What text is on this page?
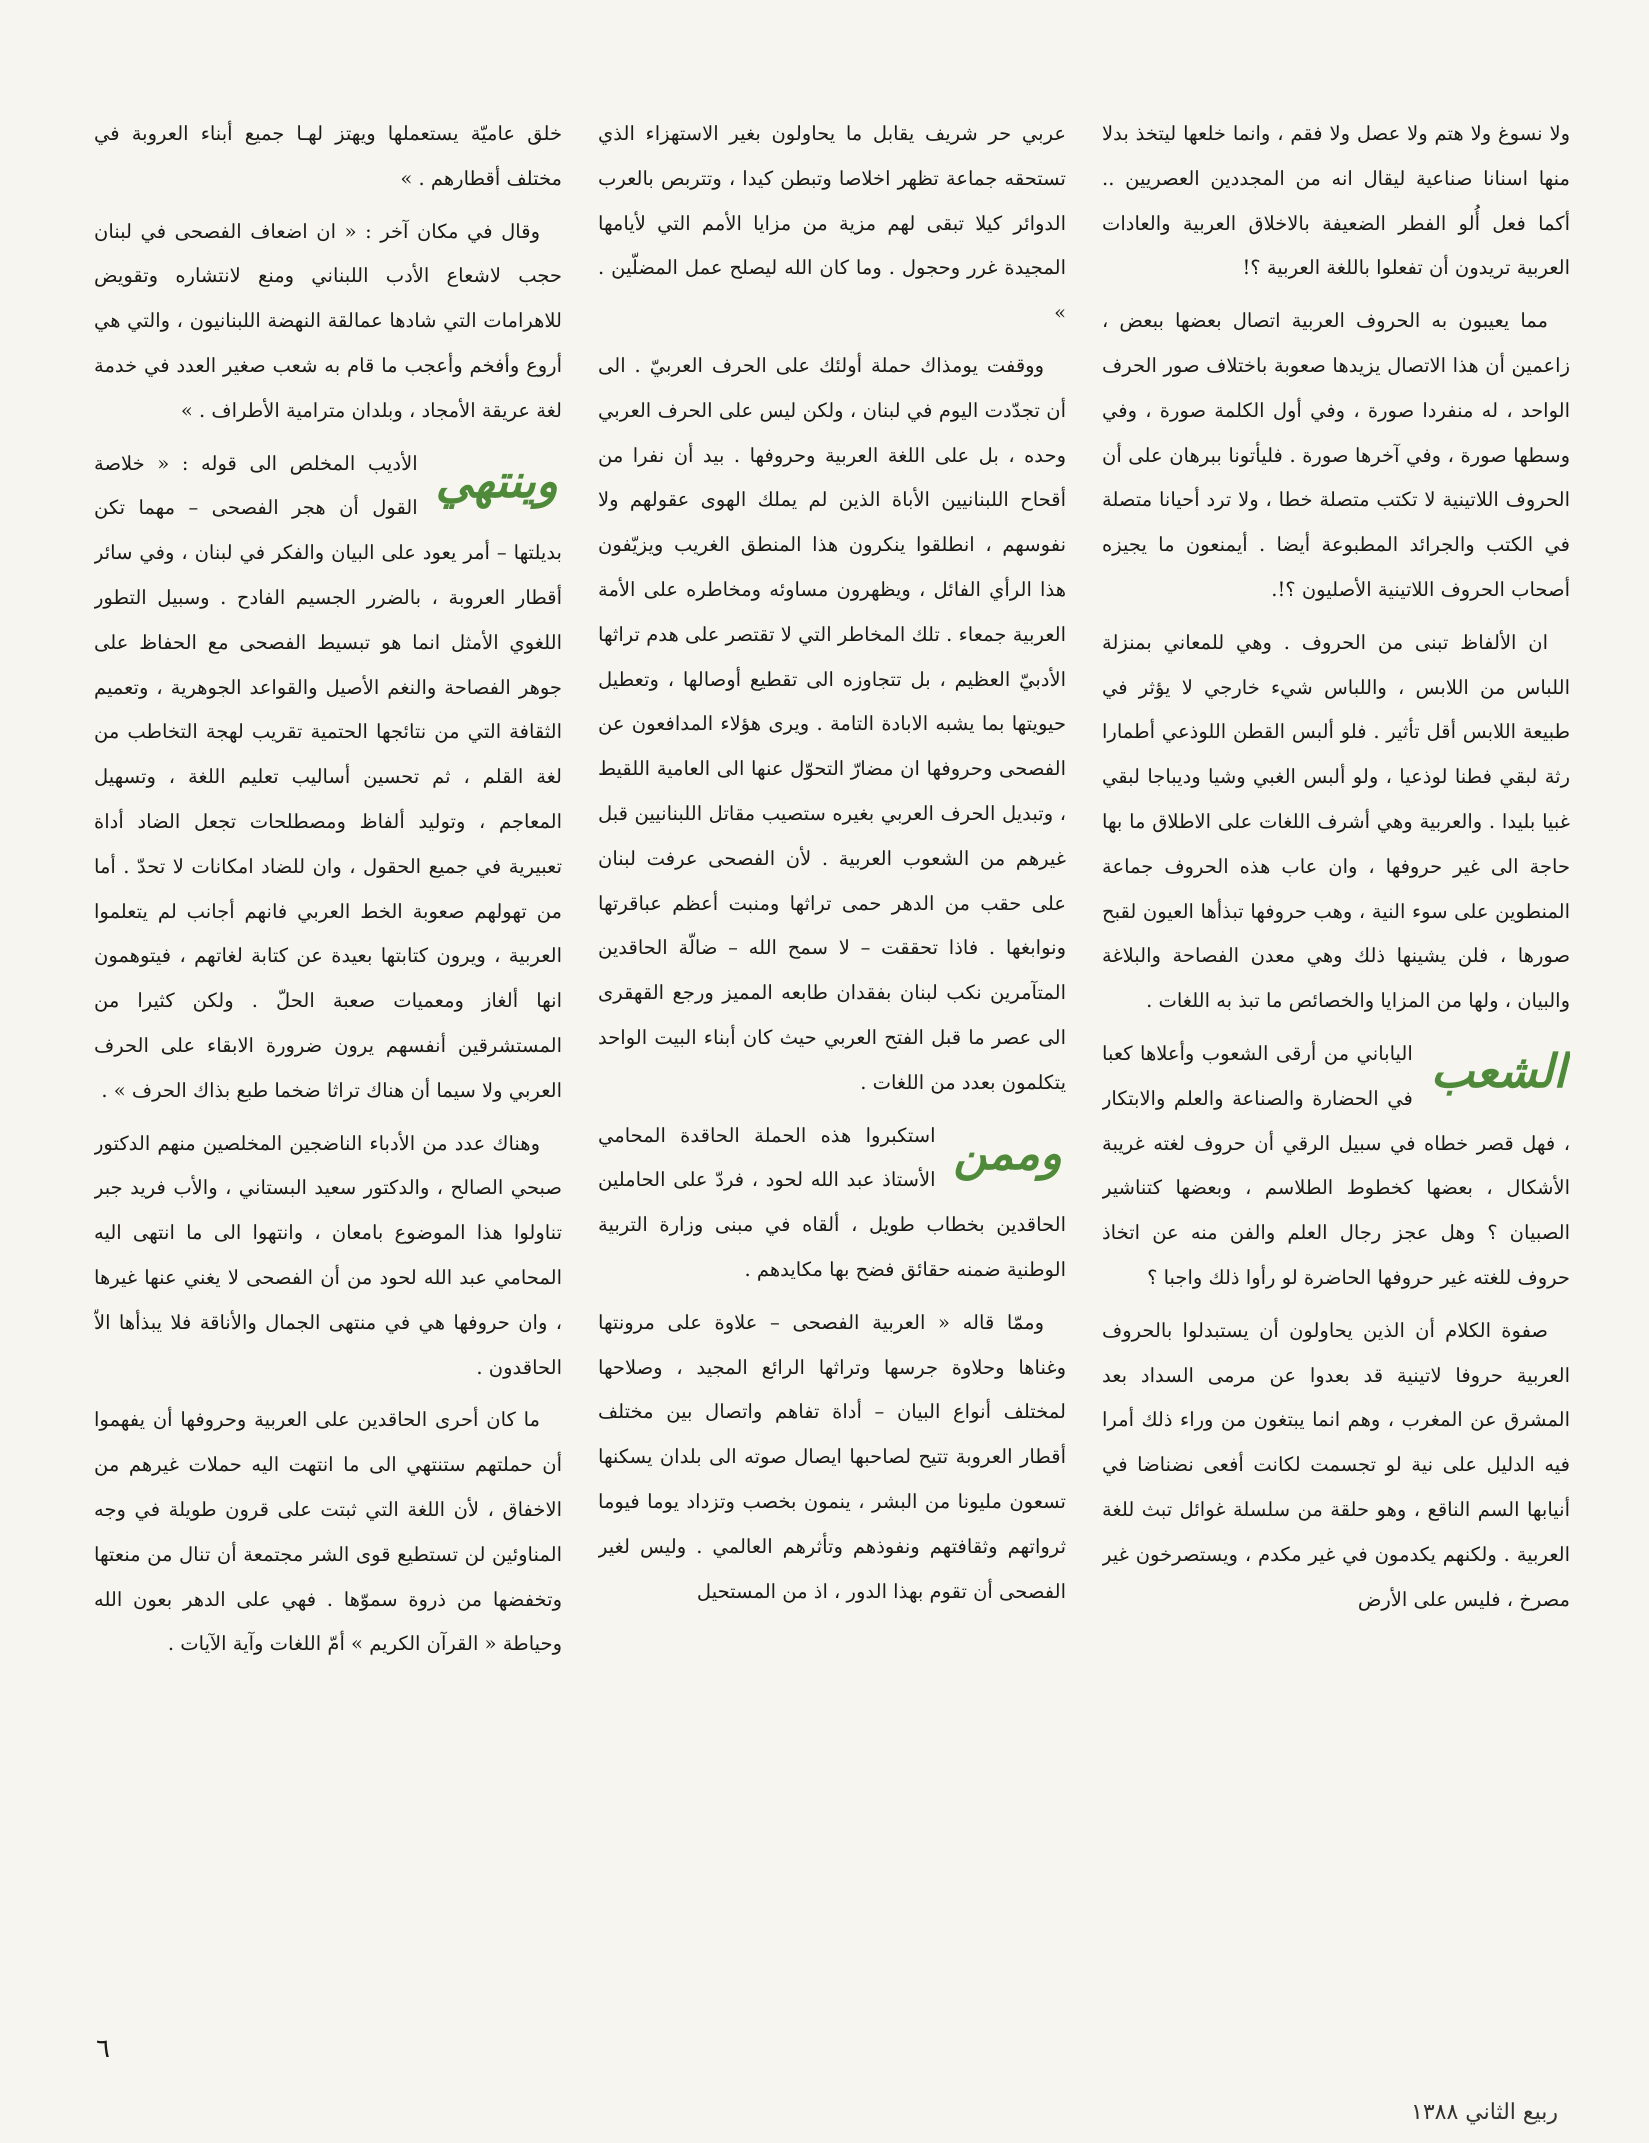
ولا نسوغ ولا هتم ولا عصل ولا فقم ، وانما خلعها ليتخذ بدلا منها اسنانا صناعية ليقال انه من المجددين العصريين .. أكما فعل أُلو الفطر الضعيفة بالاخلاق العربية والعادات العربية تريدون أن تفعلوا باللغة العربية ؟!

مما يعيبون به الحروف العربية اتصال بعضها ببعض ، زاعمين أن هذا الاتصال يزيدها صعوبة باختلاف صور الحرف الواحد ، له منفردا صورة ، وفي أول الكلمة صورة ، وفي وسطها صورة ، وفي آخرها صورة . فليأتونا ببرهان على أن الحروف اللاتينية لا تكتب متصلة خطا ، ولا ترد أحيانا متصلة في الكتب والجرائد المطبوعة أيضا . أيمنعون ما يجيزه أصحاب الحروف اللاتينية الأصليون ؟!.

ان الألفاظ تبنى من الحروف . وهي للمعاني بمنزلة اللباس من اللابس ، واللباس شيء خارجي لا يؤثر في طبيعة اللابس أقل تأثير . فلو ألبس القطن اللوذعي أطمارا رثة لبقي فطنا لوذعيا ، ولو ألبس الغبي وشيا وديباجا لبقي غبيا بليدا . والعربية وهي أشرف اللغات على الاطلاق ما بها حاجة الى غير حروفها ، وان عاب هذه الحروف جماعة المنطوين على سوء النية ، وهب حروفها تبذأها العيون لقبح صورها ، فلن يشينها ذلك وهي معدن الفصاحة والبلاغة والبيان ، ولها من المزايا والخصائص ما تبذ به اللغات .

الشعب
الياباني من أرقى الشعوب وأعلاها كعبا في الحضارة والصناعة والعلم والابتكار ، فهل قصر خطاه في سبيل الرقي أن حروف لغته غريبة الأشكال ، بعضها كخطوط الطلاسم ، وبعضها كتناشير الصبيان ؟ وهل عجز رجال العلم والفن منه عن اتخاذ حروف للغته غير حروفها الحاضرة لو رأوا ذلك واجبا ؟

صفوة الكلام أن الذين يحاولون أن يستبدلوا بالحروف العربية حروفا لاتينية قد بعدوا عن مرمى السداد بعد المشرق عن المغرب ، وهم انما يبتغون من وراء ذلك أمرا فيه الدليل على نية لو تجسمت لكانت أفعى نضناضا في أنيابها السم الناقع ، وهو حلقة من سلسلة غوائل تبث للغة العربية . ولكنهم يكدمون في غير مكدم ، ويستصرخون غير مصرخ ، فليس على الأرض

عربي حر شريف يقابل ما يحاولون بغير الاستهزاء الذي تستحقه جماعة تظهر اخلاصا وتبطن كيدا ، وتتربص بالعرب الدوائر كيلا تبقى لهم مزية من مزايا الأمم التي لأيامها المجيدة غرر وحجول . وما كان الله ليصلح عمل المضلّين . »

ووقفت يومذاك حملة أولئك على الحرف العربيّ . الى أن تجدّدت اليوم في لبنان ، ولكن ليس على الحرف العربي وحده ، بل على اللغة العربية وحروفها . بيد أن نفرا من أقحاح اللبنانيين الأباة الذين لم يملك الهوى عقولهم ولا نفوسهم ، انطلقوا ينكرون هذا المنطق الغريب ويزيّفون هذا الرأي الفائل ، ويظهرون مساوئه ومخاطره على الأمة العربية جمعاء . تلك المخاطر التي لا تقتصر على هدم تراثها الأدبيّ العظيم ، بل تتجاوزه الى تقطيع أوصالها ، وتعطيل حيويتها بما يشبه الابادة التامة . ويرى هؤلاء المدافعون عن الفصحى وحروفها ان مضارّ التحوّل عنها الى العامية اللقيط ، وتبديل الحرف العربي بغيره ستصيب مقاتل اللبنانيين قبل غيرهم من الشعوب العربية . لأن الفصحى عرفت لبنان على حقب من الدهر حمى تراثها ومنبت أعظم عباقرتها ونوابغها . فاذا تحققت – لا سمح الله – ضالّة الحاقدين المتآمرين نكب لبنان بفقدان طابعه المميز ورجع القهقرى الى عصر ما قبل الفتح العربي حيث كان أبناء البيت الواحد يتكلمون بعدد من اللغات .

وممن
استكبروا هذه الحملة الحاقدة المحامي الأستاذ عبد الله لحود ، فردّ على الحاملين الحاقدين بخطاب طويل ، ألقاه في مبنى وزارة التربية الوطنية ضمنه حقائق فضح بها مكايدهم .

وممّا قاله « العربية الفصحى – علاوة على مرونتها وغناها وحلاوة جرسها وتراثها الرائع المجيد ، وصلاحها لمختلف أنواع البيان – أداة تفاهم واتصال بين مختلف أقطار العروبة تتيح لصاحبها ايصال صوته الى بلدان يسكنها تسعون مليونا من البشر ، ينمون بخصب وتزداد يوما فيوما ثرواتهم وثقافتهم ونفوذهم وتأثرهم العالمي . وليس لغير الفصحى أن تقوم بهذا الدور ، اذ من المستحيل

خلق عاميّة يستعملها ويهتز لهـا جميع أبناء العروبة في مختلف أقطارهم . »

وقال في مكان آخر : « ان اضعاف الفصحى في لبنان حجب لاشعاع الأدب اللبناني ومنع لانتشاره وتقويض للاهرامات التي شادها عمالقة النهضة اللبنانيون ، والتي هي أروع وأفخم وأعجب ما قام به شعب صغير العدد في خدمة لغة عريقة الأمجاد ، وبلدان مترامية الأطراف . »

وينتهي
الأديب المخلص الى قوله : « خلاصة القول أن هجر الفصحى – مهما تكن بديلتها – أمر يعود على البيان والفكر في لبنان ، وفي سائر أقطار العروبة ، بالضرر الجسيم الفادح . وسبيل التطور اللغوي الأمثل انما هو تبسيط الفصحى مع الحفاظ على جوهر الفصاحة والنغم الأصيل والقواعد الجوهرية ، وتعميم الثقافة التي من نتائجها الحتمية تقريب لهجة التخاطب من لغة القلم ، ثم تحسين أساليب تعليم اللغة ، وتسهيل المعاجم ، وتوليد ألفاظ ومصطلحات تجعل الضاد أداة تعبيرية في جميع الحقول ، وان للضاد امكانات لا تحدّ . أما من تهولهم صعوبة الخط العربي فانهم أجانب لم يتعلموا العربية ، ويرون كتابتها بعيدة عن كتابة لغاتهم ، فيتوهمون انها ألغاز ومعميات صعبة الحلّ . ولكن كثيرا من المستشرقين أنفسهم يرون ضرورة الابقاء على الحرف العربي ولا سيما أن هناك تراثا ضخما طبع بذاك الحرف » .

وهناك عدد من الأدباء الناضجين المخلصين منهم الدكتور صبحي الصالح ، والدكتور سعيد البستاني ، والأب فريد جبر تناولوا هذا الموضوع بامعان ، وانتهوا الى ما انتهى اليه المحامي عبد الله لحود من أن الفصحى لا يغني عنها غيرها ، وان حروفها هي في منتهى الجمال والأناقة فلا يبذأها الاّ الحاقدون .

ما كان أحرى الحاقدين على العربية وحروفها أن يفهموا أن حملتهم ستنتهي الى ما انتهت اليه حملات غيرهم من الاخفاق ، لأن اللغة التي ثبتت على قرون طويلة في وجه المناوئين لن تستطيع قوى الشر مجتمعة أن تنال من منعتها وتخفضها من ذروة سموّها . فهي على الدهر بعون الله وحياطة « القرآن الكريم » أمّ اللغات وآية الآيات .

٦
ربيع الثاني ١٣٨٨
